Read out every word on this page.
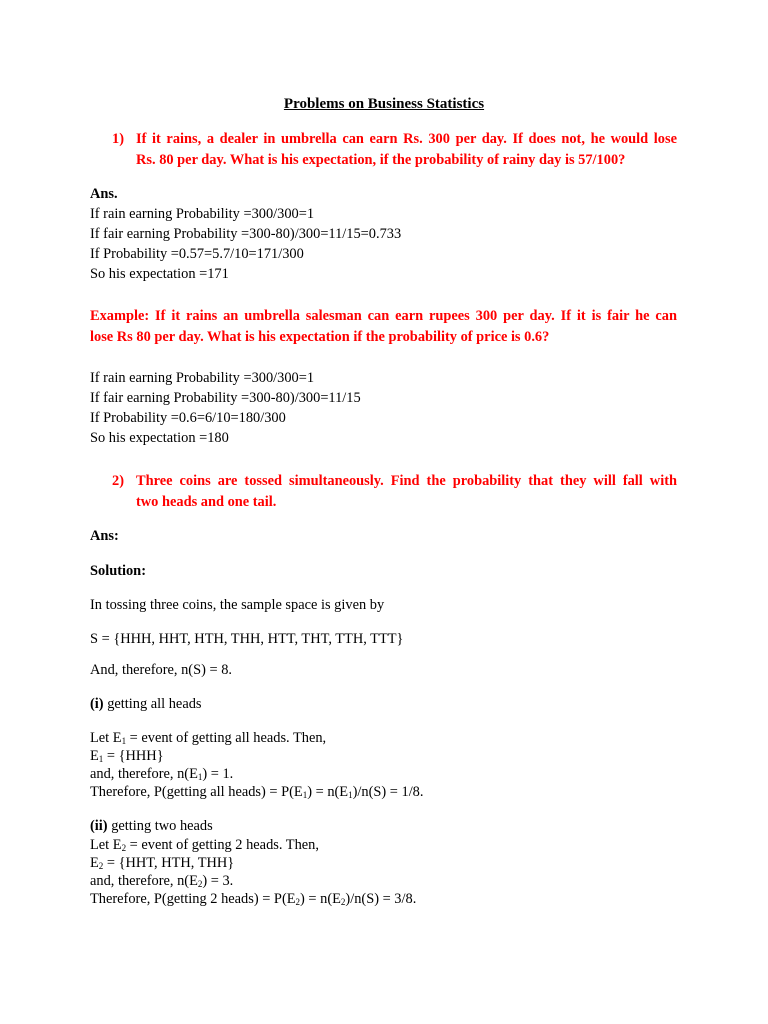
Problems on Business Statistics
1) If it rains, a dealer in umbrella can earn Rs. 300 per day. If does not, he would lose
Rs. 80 per day. What is his expectation, if the probability of rainy day is 57/100?
Ans.
If rain earning Probability =300/300=1
If fair earning Probability =300-80)/300=11/15=0.733
If Probability =0.57=5.7/10=171/300
So his expectation =171
Example: If it rains an umbrella salesman can earn rupees 300 per day. If it is fair he can
lose Rs 80 per day. What is his expectation if the probability of price is 0.6?
If rain earning Probability =300/300=1
If fair earning Probability =300-80)/300=11/15
If Probability =0.6=6/10=180/300
So his expectation =180
2) Three coins are tossed simultaneously. Find the probability that they will fall with
two heads and one tail.
Ans:
Solution:
In tossing three coins, the sample space is given by
S = {HHH, HHT, HTH, THH, HTT, THT, TTH, TTT}
And, therefore, n(S) = 8.
(i) getting all heads
Let $E_1$ = event of getting all heads. Then,
$E_1 = \{HHH\}$
and, therefore, $n(E_1) = 1$.
Therefore, P(getting all heads) = $P(E_1) = n(E_1)/n(S) = 1/8$.
(ii) getting two heads
Let $E_2$ = event of getting 2 heads. Then,
$E_2 = \{HHT$, HTH, THH}
and, therefore, $n(E_2) = 3$.
Therefore, P(getting 2 heads) = $P(E_2) = n(E_2)/n(S) = 3/8$.
